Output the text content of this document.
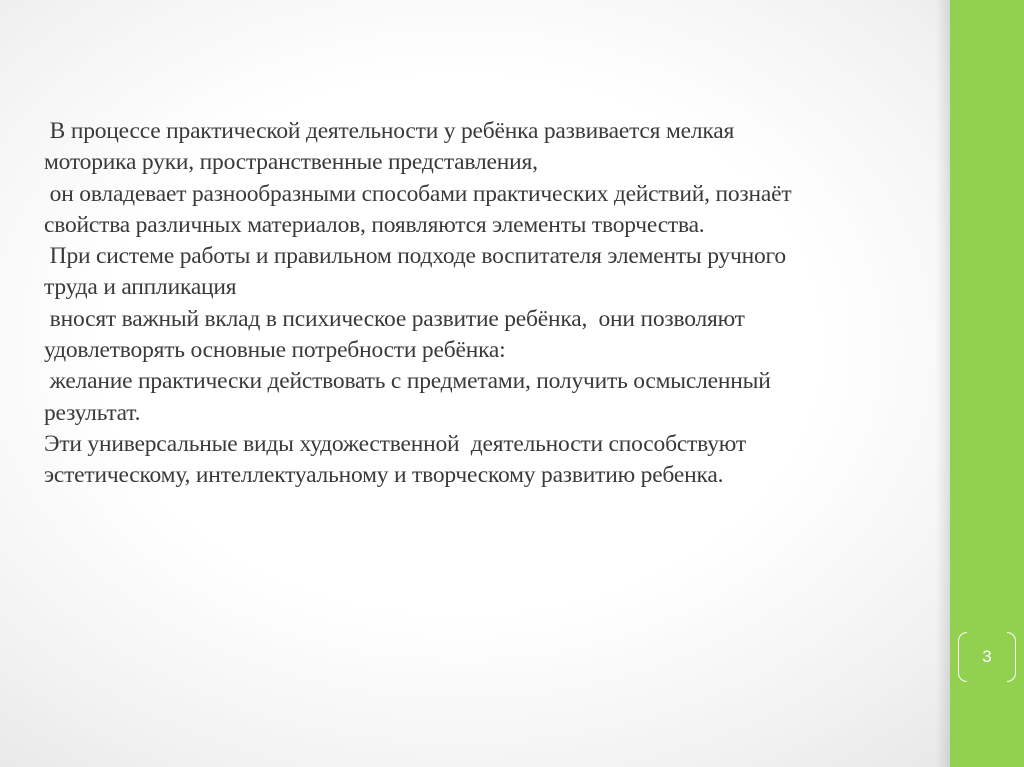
В процессе практической деятельности у ребёнка развивается мелкая
моторика руки, пространственные представления,
он овладевает разнообразными способами практических действий, познаёт
свойства различных материалов, появляются элементы творчества.
При системе работы и правильном подходе воспитателя элементы ручного
труда и аппликация
вносят важный вклад в психическое развитие ребёнка,  они позволяют
удовлетворять основные потребности ребёнка:
желание практически действовать с предметами, получить осмысленный
результат.
Эти универсальные виды художественной  деятельности способствуют
эстетическому, интеллектуальному и творческому развитию ребенка.

3
